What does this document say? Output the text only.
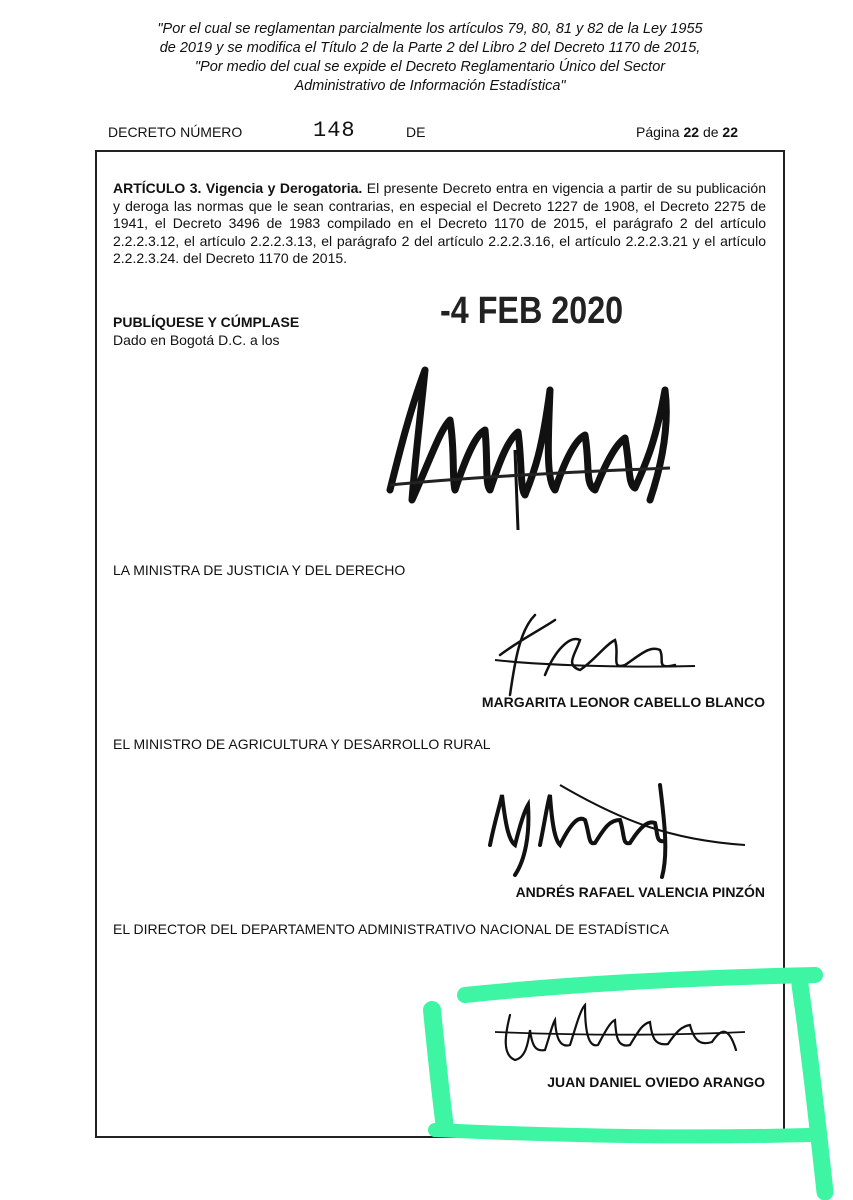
"Por el cual se reglamentan parcialmente los artículos 79, 80, 81 y 82 de la Ley 1955
de 2019 y se modifica el Título 2 de la Parte 2 del Libro 2 del Decreto 1170 de 2015,
"Por medio del cual se expide el Decreto Reglamentario Único del Sector
Administrativo de Información Estadística"
DECRETO NÚMERO	148	DE	Página 22 de 22
ARTÍCULO 3. Vigencia y Derogatoria. El presente Decreto entra en vigencia a partir de su publicación y deroga las normas que le sean contrarias, en especial el Decreto 1227 de 1908, el Decreto 2275 de 1941, el Decreto 3496 de 1983 compilado en el Decreto 1170 de 2015, el parágrafo 2 del artículo 2.2.2.3.12, el artículo 2.2.2.3.13, el parágrafo 2 del artículo 2.2.2.3.16, el artículo 2.2.2.3.21 y el artículo 2.2.2.3.24. del Decreto 1170 de 2015.
-4 FEB 2020
PUBLÍQUESE Y CÚMPLASE
Dado en Bogotá D.C. a los
LA MINISTRA DE JUSTICIA Y DEL DERECHO
MARGARITA LEONOR CABELLO BLANCO
EL MINISTRO DE AGRICULTURA Y DESARROLLO RURAL
ANDRÉS RAFAEL VALENCIA PINZÓN
EL DIRECTOR DEL DEPARTAMENTO ADMINISTRATIVO NACIONAL DE ESTADÍSTICA
JUAN DANIEL OVIEDO ARANGO
